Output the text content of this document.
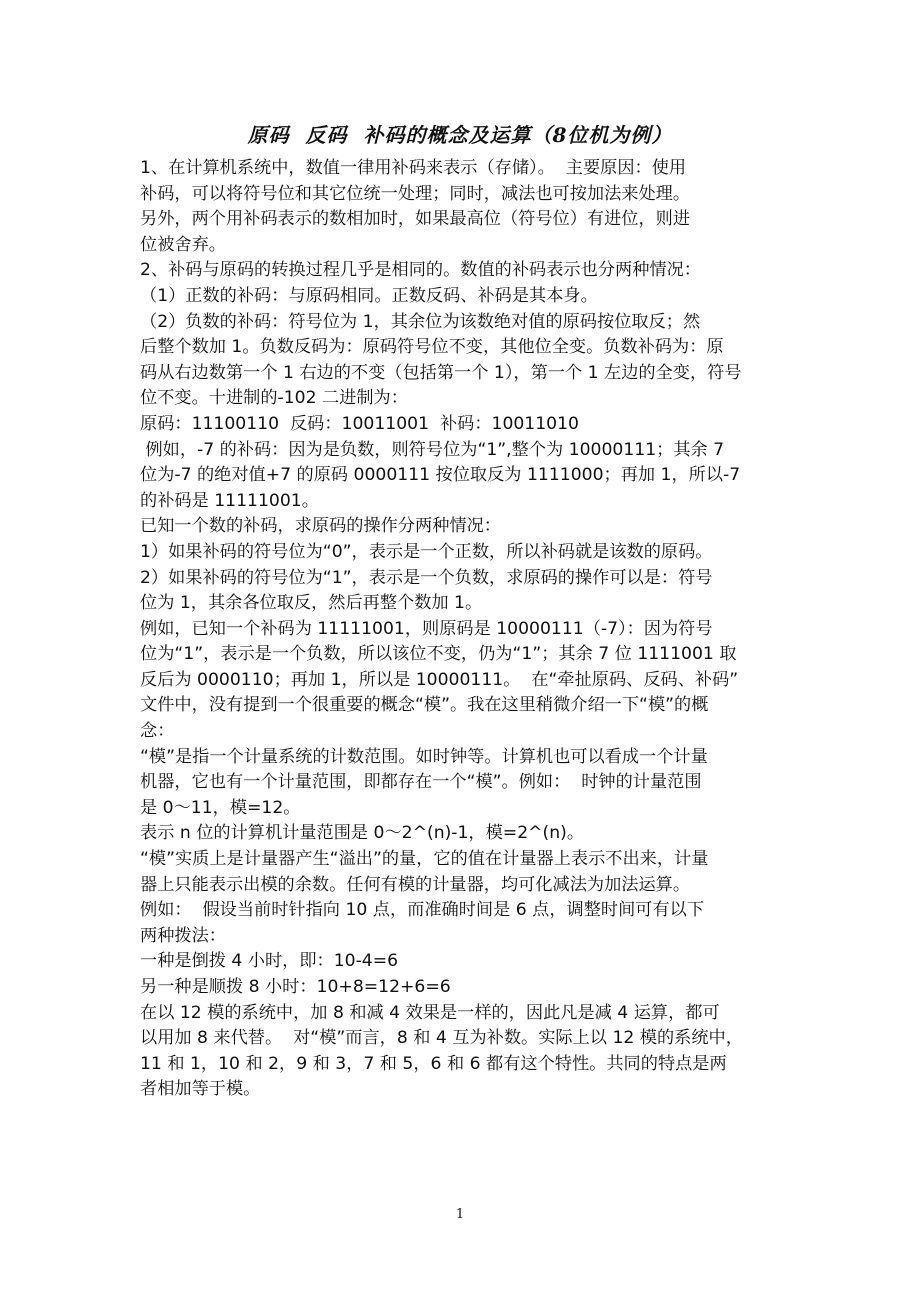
原码  反码  补码的概念及运算（8位机为例）
1、在计算机系统中，数值一律用补码来表示（存储）。  主要原因：使用
补码，可以将符号位和其它位统一处理；同时，减法也可按加法来处理。
另外，两个用补码表示的数相加时，如果最高位（符号位）有进位，则进
位被舍弃。
2、补码与原码的转换过程几乎是相同的。数值的补码表示也分两种情况：
（1）正数的补码：与原码相同。正数反码、补码是其本身。
（2）负数的补码：符号位为 1，其余位为该数绝对值的原码按位取反；然
后整个数加 1。负数反码为：原码符号位不变，其他位全变。负数补码为：原
码从右边数第一个 1 右边的不变（包括第一个 1），第一个 1 左边的全变，符号
位不变。十进制的-102 二进制为：
原码：11100110  反码：10011001  补码：10011010
例如，-7 的补码：因为是负数，则符号位为“1”,整个为 10000111；其余 7
位为-7 的绝对值+7 的原码 0000111 按位取反为 1111000；再加 1，所以-7
的补码是 11111001。
已知一个数的补码，求原码的操作分两种情况：
1）如果补码的符号位为“0”，表示是一个正数，所以补码就是该数的原码。
2）如果补码的符号位为“1”，表示是一个负数，求原码的操作可以是：符号
位为 1，其余各位取反，然后再整个数加 1。
例如，已知一个补码为 11111001，则原码是 10000111（-7）：因为符号
位为“1”，表示是一个负数，所以该位不变，仍为“1”；其余 7 位 1111001 取
反后为 0000110；再加 1，所以是 10000111。  在“牵扯原码、反码、补码”
文件中，没有提到一个很重要的概念“模”。我在这里稍微介绍一下“模”的概
念：
“模”是指一个计量系统的计数范围。如时钟等。计算机也可以看成一个计量
机器，它也有一个计量范围，即都存在一个“模”。例如：  时钟的计量范围
是 0～11，模=12。
表示 n 位的计算机计量范围是 0～2^(n)-1，模=2^(n)。
“模”实质上是计量器产生“溢出”的量，它的值在计量器上表示不出来，计量
器上只能表示出模的余数。任何有模的计量器，均可化减法为加法运算。
例如：  假设当前时针指向 10 点，而准确时间是 6 点，调整时间可有以下
两种拨法：
一种是倒拨 4 小时，即：10-4=6
另一种是顺拨 8 小时：10+8=12+6=6
在以 12 模的系统中，加 8 和减 4 效果是一样的，因此凡是减 4 运算，都可
以用加 8 来代替。  对“模”而言，8 和 4 互为补数。实际上以 12 模的系统中，
11 和 1，10 和 2，9 和 3，7 和 5，6 和 6 都有这个特性。共同的特点是两
者相加等于模。
1
